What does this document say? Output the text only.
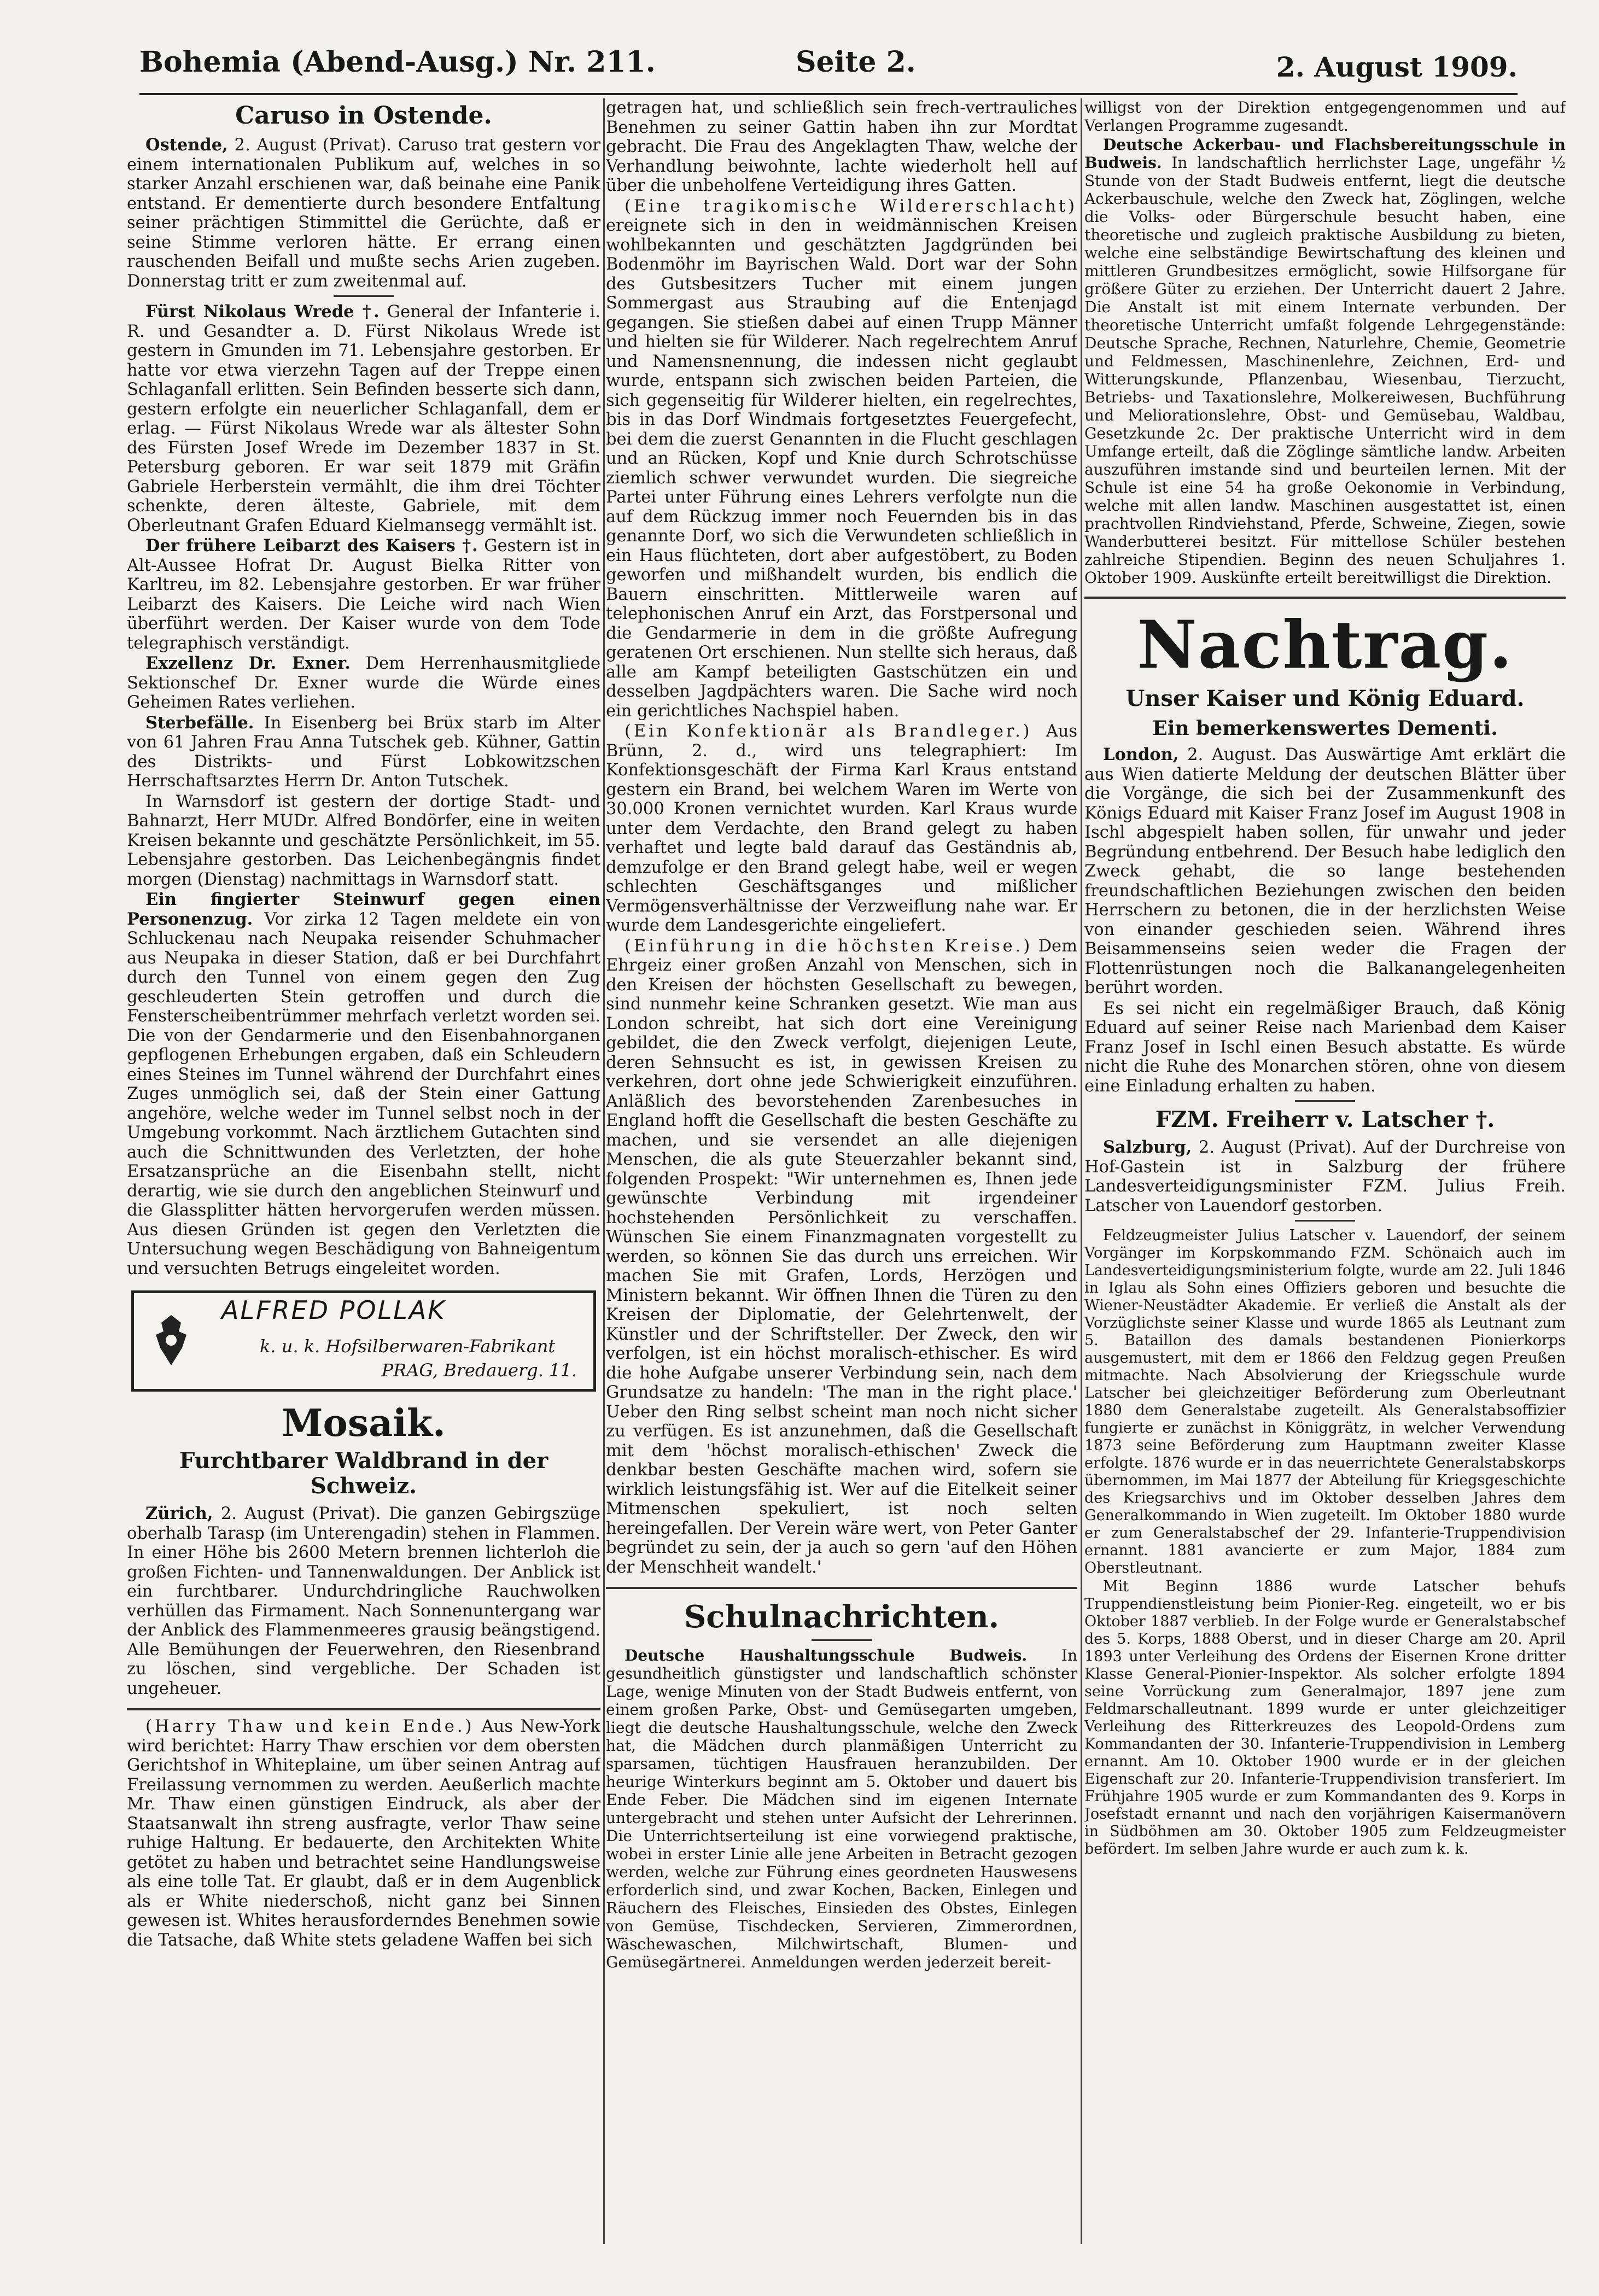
Bohemia (Abend-Ausg.) Nr. 211.	Seite 2.	2. August 1909.
Caruso in Ostende.

Ostende, 2. August (Privat). Caruso trat gestern vor einem internationalen Publikum auf, welches in so starker Anzahl erschienen war, daß beinahe eine Panik entstand. Er dementierte durch besondere Entfaltung seiner prächtigen Stimmittel die Gerüchte, daß er seine Stimme verloren hätte. Er errang einen rauschenden Beifall und mußte sechs Arien zugeben. Donnerstag tritt er zum zweitenmal auf.

Fürst Nikolaus Wrede †. General der Infanterie i. R. und Gesandter a. D. Fürst Nikolaus Wrede ist gestern in Gmunden im 71. Lebensjahre gestorben. Er hatte vor etwa vierzehn Tagen auf der Treppe einen Schlaganfall erlitten. Sein Befinden besserte sich dann, gestern erfolgte ein neuerlicher Schlaganfall, dem er erlag. — Fürst Nikolaus Wrede war als ältester Sohn des Fürsten Josef Wrede im Dezember 1837 in St. Petersburg geboren. Er war seit 1879 mit Gräfin Gabriele Herberstein vermählt, die ihm drei Töchter schenkte, deren älteste, Gabriele, mit dem Oberleutnant Grafen Eduard Kielmansegg vermählt ist.

Der frühere Leibarzt des Kaisers †. Gestern ist in Alt-Aussee Hofrat Dr. August Bielka Ritter von Karltreu, im 82. Lebensjahre gestorben. Er war früher Leibarzt des Kaisers. Die Leiche wird nach Wien überführt werden. Der Kaiser wurde von dem Tode telegraphisch verständigt.

Exzellenz Dr. Exner. Dem Herrenhausmitgliede Sektionschef Dr. Exner wurde die Würde eines Geheimen Rates verliehen.

Sterbefälle. In Eisenberg bei Brüx starb im Alter von 61 Jahren Frau Anna Tutschek geb. Kühner, Gattin des Distrikts- und Fürst Lobkowitzschen Herrschaftsarztes Herrn Dr. Anton Tutschek.

In Warnsdorf ist gestern der dortige Stadt- und Bahnarzt, Herr MUDr. Alfred Bondörfer, eine in weiten Kreisen bekannte und geschätzte Persönlichkeit, im 55. Lebensjahre gestorben. Das Leichenbegängnis findet morgen (Dienstag) nachmittags in Warnsdorf statt.

Ein fingierter Steinwurf gegen einen Personenzug. Vor zirka 12 Tagen meldete ein von Schluckenau nach Neupaka reisender Schuhmacher aus Neupaka in dieser Station, daß er bei Durchfahrt durch den Tunnel von einem gegen den Zug geschleuderten Stein getroffen und durch die Fensterscheibentrümmer mehrfach verletzt worden sei. Die von der Gendarmerie und den Eisenbahnorganen gepflogenen Erhebungen ergaben, daß ein Schleudern eines Steines im Tunnel während der Durchfahrt eines Zuges unmöglich sei, daß der Stein einer Gattung angehöre, welche weder im Tunnel selbst noch in der Umgebung vorkommt. Nach ärztlichem Gutachten sind auch die Schnittwunden des Verletzten, der hohe Ersatzansprüche an die Eisenbahn stellt, nicht derartig, wie sie durch den angeblichen Steinwurf und die Glassplitter hätten hervorgerufen werden müssen. Aus diesen Gründen ist gegen den Verletzten die Untersuchung wegen Beschädigung von Bahneigentum und versuchten Betrugs eingeleitet worden.

ALFRED POLLAK
k. u. k. Hofsilberwaren-Fabrikant
PRAG, Bredauerg. 11.
Mosaik.
Furchtbarer Waldbrand in der Schweiz.

Zürich, 2. August (Privat). Die ganzen Gebirgszüge oberhalb Tarasp (im Unterengadin) stehen in Flammen. In einer Höhe bis 2600 Metern brennen lichterloh die großen Fichten- und Tannenwaldungen. Der Anblick ist ein furchtbarer. Undurchdringliche Rauchwolken verhüllen das Firmament. Nach Sonnenuntergang war der Anblick des Flammenmeeres grausig beängstigend. Alle Bemühungen der Feuerwehren, den Riesenbrand zu löschen, sind vergebliche. Der Schaden ist ungeheuer.

(Harry Thaw und kein Ende.) Aus New-York wird berichtet: Harry Thaw erschien vor dem obersten Gerichtshof in Whiteplaine, um über seinen Antrag auf Freilassung vernommen zu werden. Aeußerlich machte Mr. Thaw einen günstigen Eindruck, als aber der Staatsanwalt ihn streng ausfragte, verlor Thaw seine ruhige Haltung. Er bedauerte, den Architekten White getötet zu haben und betrachtet seine Handlungsweise als eine tolle Tat. Er glaubt, daß er in dem Augenblick als er White niederschoß, nicht ganz bei Sinnen gewesen ist. Whites herausforderndes Benehmen sowie die Tatsache, daß White stets geladene Waffen bei sich

getragen hat, und schließlich sein frech-vertrauliches Benehmen zu seiner Gattin haben ihn zur Mordtat gebracht. Die Frau des Angeklagten Thaw, welche der Verhandlung beiwohnte, lachte wiederholt hell auf über die unbeholfene Verteidigung ihres Gatten.

(Eine tragikomische Wildererschlacht) ereignete sich in den in weidmännischen Kreisen wohlbekannten und geschätzten Jagdgründen bei Bodenmöhr im Bayrischen Wald. Dort war der Sohn des Gutsbesitzers Tucher mit einem jungen Sommergast aus Straubing auf die Entenjagd gegangen. Sie stießen dabei auf einen Trupp Männer und hielten sie für Wilderer. Nach regelrechtem Anruf und Namensnennung, die indessen nicht geglaubt wurde, entspann sich zwischen beiden Parteien, die sich gegenseitig für Wilderer hielten, ein regelrechtes, bis in das Dorf Windmais fortgesetztes Feuergefecht, bei dem die zuerst Genannten in die Flucht geschlagen und an Rücken, Kopf und Knie durch Schrotschüsse ziemlich schwer verwundet wurden. Die siegreiche Partei unter Führung eines Lehrers verfolgte nun die auf dem Rückzug immer noch Feuernden bis in das genannte Dorf, wo sich die Verwundeten schließlich in ein Haus flüchteten, dort aber aufgestöbert, zu Boden geworfen und mißhandelt wurden, bis endlich die Bauern einschritten. Mittlerweile waren auf telephonischen Anruf ein Arzt, das Forstpersonal und die Gendarmerie in dem in die größte Aufregung geratenen Ort erschienen. Nun stellte sich heraus, daß alle am Kampf beteiligten Gastschützen ein und desselben Jagdpächters waren. Die Sache wird noch ein gerichtliches Nachspiel haben.

(Ein Konfektionär als Brandleger.) Aus Brünn, 2. d., wird uns telegraphiert: Im Konfektionsgeschäft der Firma Karl Kraus entstand gestern ein Brand, bei welchem Waren im Werte von 30.000 Kronen vernichtet wurden. Karl Kraus wurde unter dem Verdachte, den Brand gelegt zu haben verhaftet und legte bald darauf das Geständnis ab, demzufolge er den Brand gelegt habe, weil er wegen schlechten Geschäftsganges und mißlicher Vermögensverhältnisse der Verzweiflung nahe war. Er wurde dem Landesgerichte eingeliefert.

(Einführung in die höchsten Kreise.) Dem Ehrgeiz einer großen Anzahl von Menschen, sich in den Kreisen der höchsten Gesellschaft zu bewegen, sind nunmehr keine Schranken gesetzt. Wie man aus London schreibt, hat sich dort eine Vereinigung gebildet, die den Zweck verfolgt, diejenigen Leute, deren Sehnsucht es ist, in gewissen Kreisen zu verkehren, dort ohne jede Schwierigkeit einzuführen. Anläßlich des bevorstehenden Zarenbesuches in England hofft die Gesellschaft die besten Geschäfte zu machen, und sie versendet an alle diejenigen Menschen, die als gute Steuerzahler bekannt sind, folgenden Prospekt: "Wir unternehmen es, Ihnen jede gewünschte Verbindung mit irgendeiner hochstehenden Persönlichkeit zu verschaffen. Wünschen Sie einem Finanzmagnaten vorgestellt zu werden, so können Sie das durch uns erreichen. Wir machen Sie mit Grafen, Lords, Herzögen und Ministern bekannt. Wir öffnen Ihnen die Türen zu den Kreisen der Diplomatie, der Gelehrtenwelt, der Künstler und der Schriftsteller. Der Zweck, den wir verfolgen, ist ein höchst moralisch-ethischer. Es wird die hohe Aufgabe unserer Verbindung sein, nach dem Grundsatze zu handeln: 'The man in the right place.' Ueber den Ring selbst scheint man noch nicht sicher zu verfügen. Es ist anzunehmen, daß die Gesellschaft mit dem 'höchst moralisch-ethischen' Zweck die denkbar besten Geschäfte machen wird, sofern sie wirklich leistungsfähig ist. Wer auf die Eitelkeit seiner Mitmenschen spekuliert, ist noch selten hereingefallen. Der Verein wäre wert, von Peter Ganter begründet zu sein, der ja auch so gern 'auf den Höhen der Menschheit wandelt.'

Schulnachrichten.

Deutsche Haushaltungsschule Budweis. In gesundheitlich günstigster und landschaftlich schönster Lage, wenige Minuten von der Stadt Budweis entfernt, von einem großen Parke, Obst- und Gemüsegarten umgeben, liegt die deutsche Haushaltungsschule, welche den Zweck hat, die Mädchen durch planmäßigen Unterricht zu sparsamen, tüchtigen Hausfrauen heranzubilden. Der heurige Winterkurs beginnt am 5. Oktober und dauert bis Ende Feber. Die Mädchen sind im eigenen Internate untergebracht und stehen unter Aufsicht der Lehrerinnen. Die Unterrichtserteilung ist eine vorwiegend praktische, wobei in erster Linie alle jene Arbeiten in Betracht gezogen werden, welche zur Führung eines geordneten Hauswesens erforderlich sind, und zwar Kochen, Backen, Einlegen und Räuchern des Fleisches, Einsieden des Obstes, Einlegen von Gemüse, Tischdecken, Servieren, Zimmerordnen, Wäschewaschen, Milchwirtschaft, Blumen- und Gemüsegärtnerei. Anmeldungen werden jederzeit bereit-

willigst von der Direktion entgegengenommen und auf Verlangen Programme zugesandt.

Deutsche Ackerbau- und Flachsbereitungsschule in Budweis. In landschaftlich herrlichster Lage, ungefähr ½ Stunde von der Stadt Budweis entfernt, liegt die deutsche Ackerbauschule, welche den Zweck hat, Zöglingen, welche die Volks- oder Bürgerschule besucht haben, eine theoretische und zugleich praktische Ausbildung zu bieten, welche eine selbständige Bewirtschaftung des kleinen und mittleren Grundbesitzes ermöglicht, sowie Hilfsorgane für größere Güter zu erziehen. Der Unterricht dauert 2 Jahre. Die Anstalt ist mit einem Internate verbunden. Der theoretische Unterricht umfaßt folgende Lehrgegenstände: Deutsche Sprache, Rechnen, Naturlehre, Chemie, Geometrie und Feldmessen, Maschinenlehre, Zeichnen, Erd- und Witterungskunde, Pflanzenbau, Wiesenbau, Tierzucht, Betriebs- und Taxationslehre, Molkereiwesen, Buchführung und Meliorationslehre, Obst- und Gemüsebau, Waldbau, Gesetzkunde 2c. Der praktische Unterricht wird in dem Umfange erteilt, daß die Zöglinge sämtliche landw. Arbeiten auszuführen imstande sind und beurteilen lernen. Mit der Schule ist eine 54 ha große Oekonomie in Verbindung, welche mit allen landw. Maschinen ausgestattet ist, einen prachtvollen Rindviehstand, Pferde, Schweine, Ziegen, sowie Wanderbutterei besitzt. Für mittellose Schüler bestehen zahlreiche Stipendien. Beginn des neuen Schuljahres 1. Oktober 1909. Auskünfte erteilt bereitwilligst die Direktion.

Nachtrag.
Unser Kaiser und König Eduard.
Ein bemerkenswertes Dementi.

London, 2. August. Das Auswärtige Amt erklärt die aus Wien datierte Meldung der deutschen Blätter über die Vorgänge, die sich bei der Zusammenkunft des Königs Eduard mit Kaiser Franz Josef im August 1908 in Ischl abgespielt haben sollen, für unwahr und jeder Begründung entbehrend. Der Besuch habe lediglich den Zweck gehabt, die so lange bestehenden freundschaftlichen Beziehungen zwischen den beiden Herrschern zu betonen, die in der herzlichsten Weise von einander geschieden seien. Während ihres Beisammenseins seien weder die Fragen der Flottenrüstungen noch die Balkanangelegenheiten berührt worden.

Es sei nicht ein regelmäßiger Brauch, daß König Eduard auf seiner Reise nach Marienbad dem Kaiser Franz Josef in Ischl einen Besuch abstatte. Es würde nicht die Ruhe des Monarchen stören, ohne von diesem eine Einladung erhalten zu haben.

FZM. Freiherr v. Latscher †.

Salzburg, 2. August (Privat). Auf der Durchreise von Hof-Gastein ist in Salzburg der frühere Landesverteidigungsminister FZM. Julius Freih. Latscher von Lauendorf gestorben.

Feldzeugmeister Julius Latscher v. Lauendorf, der seinem Vorgänger im Korpskommando FZM. Schönaich auch im Landesverteidigungsministerium folgte, wurde am 22. Juli 1846 in Iglau als Sohn eines Offiziers geboren und besuchte die Wiener-Neustädter Akademie. Er verließ die Anstalt als der Vorzüglichste seiner Klasse und wurde 1865 als Leutnant zum 5. Bataillon des damals bestandenen Pionierkorps ausgemustert, mit dem er 1866 den Feldzug gegen Preußen mitmachte. Nach Absolvierung der Kriegsschule wurde Latscher bei gleichzeitiger Beförderung zum Oberleutnant 1880 dem Generalstabe zugeteilt. Als Generalstabsoffizier fungierte er zunächst in Königgrätz, in welcher Verwendung 1873 seine Beförderung zum Hauptmann zweiter Klasse erfolgte. 1876 wurde er in das neuerrichtete Generalstabskorps übernommen, im Mai 1877 der Abteilung für Kriegsgeschichte des Kriegsarchivs und im Oktober desselben Jahres dem Generalkommando in Wien zugeteilt. Im Oktober 1880 wurde er zum Generalstabschef der 29. Infanterie-Truppendivision ernannt. 1881 avancierte er zum Major, 1884 zum Oberstleutnant.

Mit Beginn 1886 wurde Latscher behufs Truppendienstleistung beim Pionier-Reg. eingeteilt, wo er bis Oktober 1887 verblieb. In der Folge wurde er Generalstabschef des 5. Korps, 1888 Oberst, und in dieser Charge am 20. April 1893 unter Verleihung des Ordens der Eisernen Krone dritter Klasse General-Pionier-Inspektor. Als solcher erfolgte 1894 seine Vorrückung zum Generalmajor, 1897 jene zum Feldmarschalleutnant. 1899 wurde er unter gleichzeitiger Verleihung des Ritterkreuzes des Leopold-Ordens zum Kommandanten der 30. Infanterie-Truppendivision in Lemberg ernannt. Am 10. Oktober 1900 wurde er in der gleichen Eigenschaft zur 20. Infanterie-Truppendivision transferiert. Im Frühjahre 1905 wurde er zum Kommandanten des 9. Korps in Josefstadt ernannt und nach den vorjährigen Kaisermanövern in Südböhmen am 30. Oktober 1905 zum Feldzeugmeister befördert. Im selben Jahre wurde er auch zum k. k.
